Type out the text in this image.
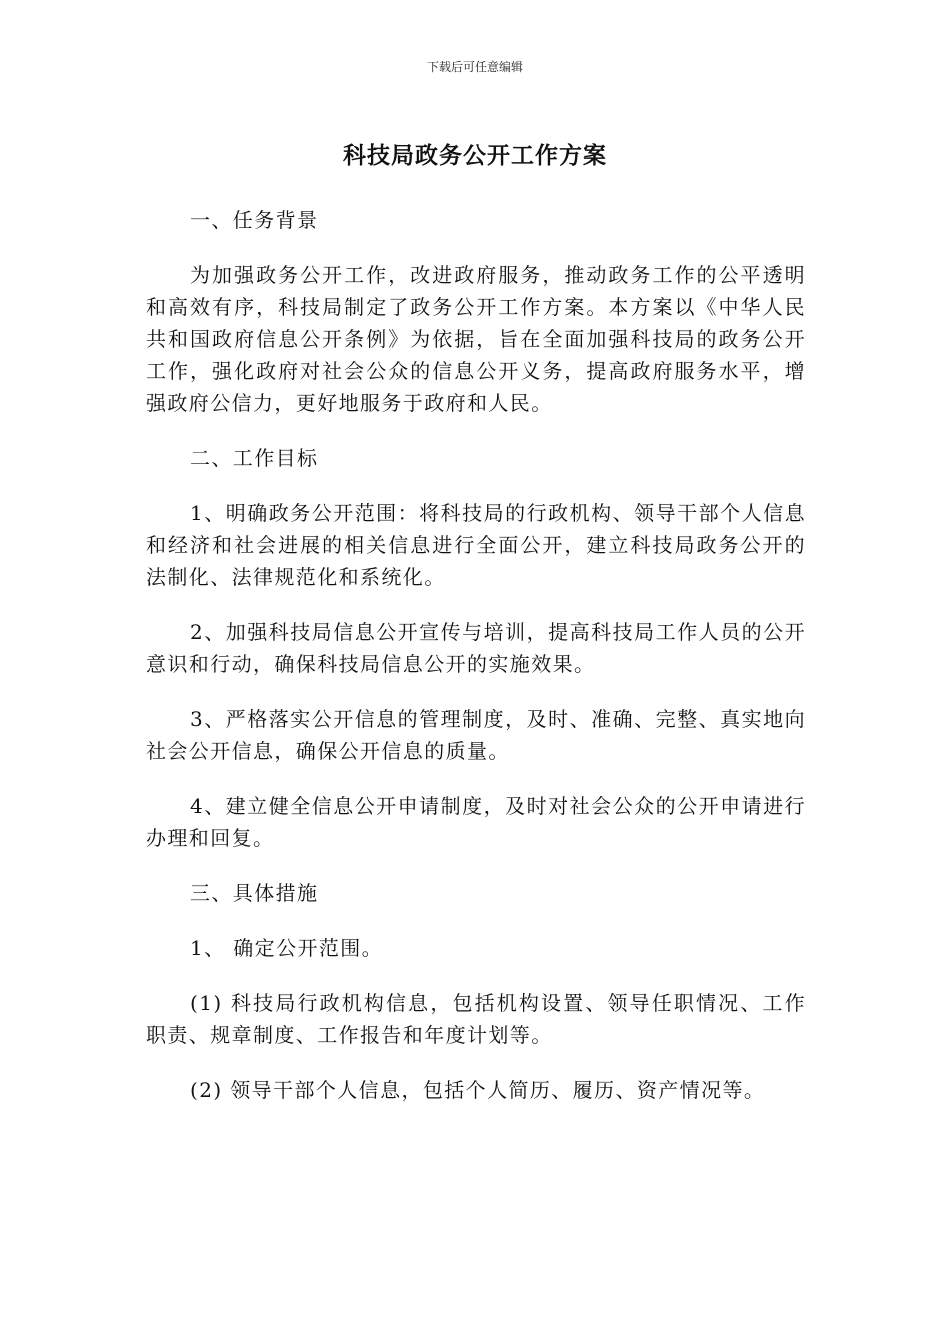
下载后可任意编辑
科技局政务公开工作方案

一、任务背景

为加强政务公开工作，改进政府服务，推动政务工作的公平透明和高效有序，科技局制定了政务公开工作方案。本方案以《中华人民共和国政府信息公开条例》为依据，旨在全面加强科技局的政务公开工作，强化政府对社会公众的信息公开义务，提高政府服务水平，增强政府公信力，更好地服务于政府和人民。

二、工作目标

1、明确政务公开范围：将科技局的行政机构、领导干部个人信息和经济和社会进展的相关信息进行全面公开，建立科技局政务公开的法制化、法律规范化和系统化。

2、加强科技局信息公开宣传与培训，提高科技局工作人员的公开意识和行动，确保科技局信息公开的实施效果。

3、严格落实公开信息的管理制度，及时、准确、完整、真实地向社会公开信息，确保公开信息的质量。

4、建立健全信息公开申请制度，及时对社会公众的公开申请进行办理和回复。

三、具体措施

1、 确定公开范围。

(1) 科技局行政机构信息，包括机构设置、领导任职情况、工作职责、规章制度、工作报告和年度计划等。

(2) 领导干部个人信息，包括个人简历、履历、资产情况等。
